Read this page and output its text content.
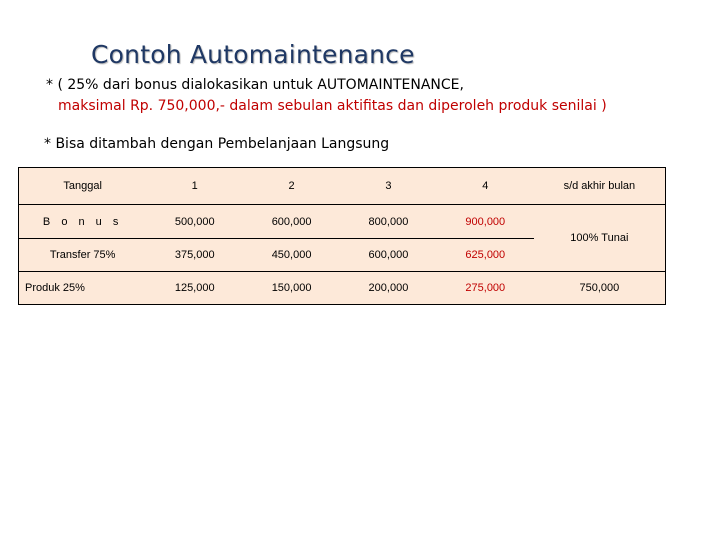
Contoh Automaintenance
* ( 25% dari bonus dialokasikan untuk AUTOMAINTENANCE,
maksimal Rp. 750,000,- dalam sebulan aktifitas dan diperoleh produk senilai )
* Bisa ditambah dengan Pembelanjaan Langsung
Tanggal	1	2	3	4	s/d akhir bulan
B o n u s	500,000	600,000	800,000	900,000	100% Tunai
Transfer 75%	375,000	450,000	600,000	625,000	
Produk 25%	125,000	150,000	200,000	275,000	750,000
